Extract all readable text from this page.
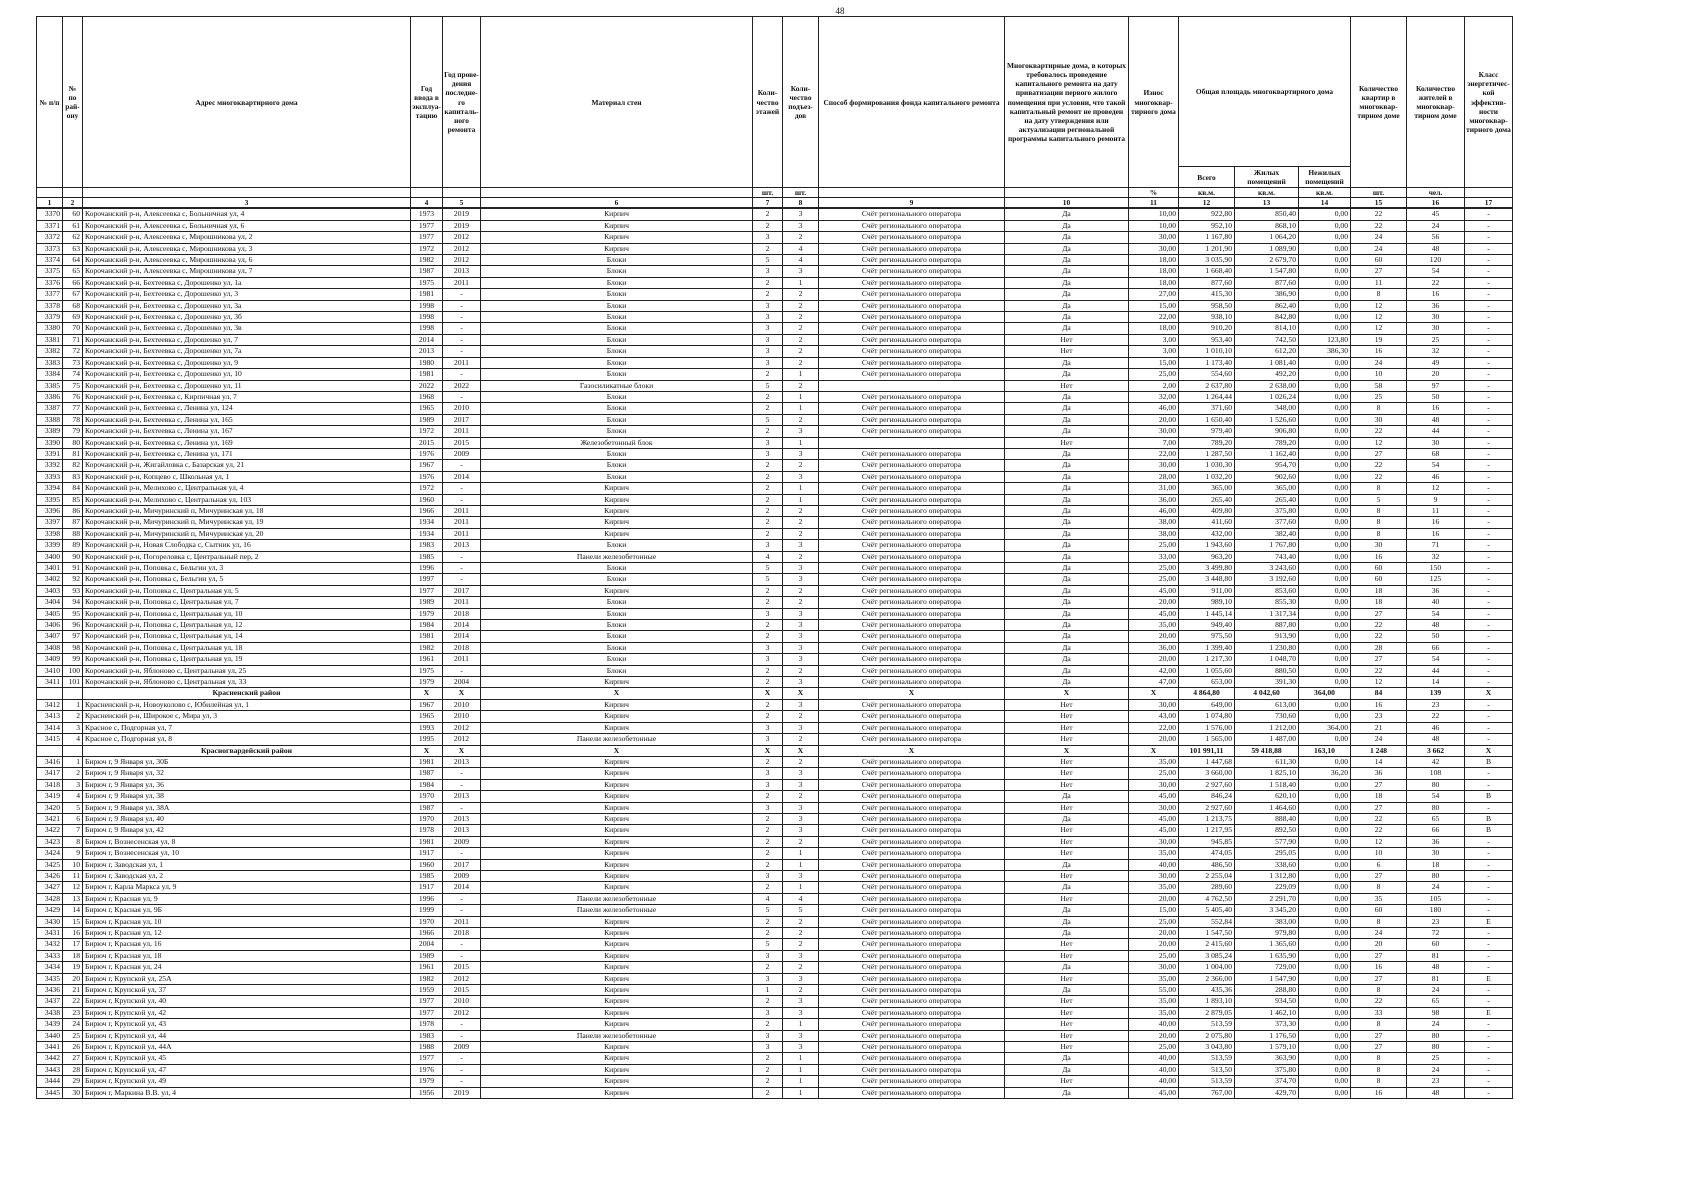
48
№ п/п	№ по рай-ону	Адрес многоквартирного дома	Год ввода в эксплуа-тацию	Год прове-дения последне-го капиталь-ного ремонта	Материал стен	Коли-чество этажей	Коли-чество подъез-дов	Способ формирования фонда капитального ремонта	Многоквартирные дома, в которых требовалось проведение капитального ремонта на дату приватизации первого жилого помещения при условии, что такой капитальный ремонт не проведен на дату утверждения или актуализации региональной программы капитального ремонта	Износ многоквар-тирного дома	Общая площадь многоквартирного дома			Количество квартир в многоквар-тирном доме	Количество жителей в многоквар-тирном доме	Класс энергетичес-кой эффектив-ности многоквар-тирного дома
											Всего	Жилых помещений	Нежилых помещений			
						шт.	шт.			%	кв.м.	кв.м.	кв.м.	шт.	чел.	
1	2	3	4	5	6	7	8	9	10	11	12	13	14	15	16	17
3370	60	Корочанский р-н, Алексеевка с, Больничная ул, 4	1973	2019	Кирпич	2	3	Счёт регионального оператора	Да	10,00	922,80	850,40	0,00	22	45	-
3371	61	Корочанский р-н, Алексеевка с, Больничная ул, 6	1977	2019	Кирпич	2	3	Счёт регионального оператора	Да	10,00	952,10	868,10	0,00	22	24	-
3372	62	Корочанский р-н, Алексеевка с, Мирошникова ул, 2	1977	2012	Кирпич	3	2	Счёт регионального оператора	Да	30,00	1 167,80	1 064,20	0,00	24	56	-
3373	63	Корочанский р-н, Алексеевка с, Мирошникова ул, 3	1972	2012	Кирпич	2	4	Счёт регионального оператора	Да	30,00	1 201,90	1 089,90	0,00	24	48	-
3374	64	Корочанский р-н, Алексеевка с, Мирошникова ул, 6	1982	2012	Блоки	5	4	Счёт регионального оператора	Да	18,00	3 035,90	2 679,70	0,00	60	120	-
3375	65	Корочанский р-н, Алексеевка с, Мирошникова ул, 7	1987	2013	Блоки	3	3	Счёт регионального оператора	Да	18,00	1 668,40	1 547,80	0,00	27	54	-
3376	66	Корочанский р-н, Бехтеевка с, Дорошенко ул, 1а	1975	2011	Блоки	2	1	Счёт регионального оператора	Да	18,00	877,60	877,60	0,00	11	22	-
3377	67	Корочанский р-н, Бехтеевка с, Дорошенко ул, 3	1981	-	Блоки	2	2	Счёт регионального оператора	Да	27,00	415,30	386,90	0,00	8	16	-
3378	68	Корочанский р-н, Бехтеевка с, Дорошенко ул, 3а	1998	-	Блоки	3	2	Счёт регионального оператора	Да	15,00	958,50	862,40	0,00	12	36	-
3379	69	Корочанский р-н, Бехтеевка с, Дорошенко ул, 3б	1998	-	Блоки	3	2	Счёт регионального оператора	Да	22,00	938,10	842,80	0,00	12	30	-
3380	70	Корочанский р-н, Бехтеевка с, Дорошенко ул, 3в	1998	-	Блоки	3	2	Счёт регионального оператора	Да	18,00	910,20	814,10	0,00	12	30	-
3381	71	Корочанский р-н, Бехтеевка с, Дорошенко ул, 7	2014	-	Блоки	3	2	Счёт регионального оператора	Нет	3,00	953,40	742,50	123,80	19	25	-
3382	72	Корочанский р-н, Бехтеевка с, Дорошенко ул, 7а	2013	-	Блоки	3	2	Счёт регионального оператора	Нет	3,00	1 010,10	612,20	386,30	16	32	-
3383	73	Корочанский р-н, Бехтеевка с, Дорошенко ул, 9	1980	2011	Блоки	3	2	Счёт регионального оператора	Да	15,00	1 173,40	1 081,40	0,00	24	49	-
3384	74	Корочанский р-н, Бехтеевка с, Дорошенко ул, 10	1981	-	Блоки	2	1	Счёт регионального оператора	Да	25,00	554,60	492,20	0,00	10	20	-
3385	75	Корочанский р-н, Бехтеевка с, Дорошенко ул, 11	2022	2022	Газосиликатные блоки	5	2		Нет	2,00	2 637,80	2 638,00	0,00	58	97	-
3386	76	Корочанский р-н, Бехтеевка с, Кирпичная ул, 7	1968	-	Блоки	2	1	Счёт регионального оператора	Да	32,00	1 264,44	1 026,24	0,00	25	50	-
3387	77	Корочанский р-н, Бехтеевка с, Ленина ул, 124	1965	2010	Блоки	2	1	Счёт регионального оператора	Да	46,00	371,60	348,00	0,00	8	16	-
3388	78	Корочанский р-н, Бехтеевка с, Ленина ул, 165	1989	2017	Блоки	5	2	Счёт регионального оператора	Да	20,00	1 650,40	1 526,60	0,00	30	48	-
3389	79	Корочанский р-н, Бехтеевка с, Ленина ул, 167	1972	2011	Блоки	2	3	Счёт регионального оператора	Да	30,00	979,40	906,80	0,00	22	44	-
3390	80	Корочанский р-н, Бехтеевка с, Ленина ул, 169	2015	2015	Железобетонный блок	3	1		Нет	7,00	789,20	789,20	0,00	12	30	-
3391	81	Корочанский р-н, Бехтеевка с, Ленина ул, 171	1976	2009	Блоки	3	3	Счёт регионального оператора	Да	22,00	1 287,50	1 162,40	0,00	27	68	-
3392	82	Корочанский р-н, Жигайловка с, Базарская ул, 21	1967	-	Блоки	2	2	Счёт регионального оператора	Да	30,00	1 030,30	954,70	0,00	22	54	-
3393	83	Корочанский р-н, Копцево с, Школьная ул, 1	1976	2014	Блоки	2	3	Счёт регионального оператора	Да	28,00	1 032,20	902,60	0,00	22	46	-
3394	84	Корочанский р-н, Мелихово с, Центральная ул, 4	1972	-	Кирпич	2	1	Счёт регионального оператора	Да	31,00	365,00	365,00	0,00	8	12	-
3395	85	Корочанский р-н, Мелихово с, Центральная ул, 103	1960	-	Кирпич	2	1	Счёт регионального оператора	Да	36,00	265,40	265,40	0,00	5	9	-
3396	86	Корочанский р-н, Мичуринский п, Мичуринская ул, 18	1966	2011	Кирпич	2	2	Счёт регионального оператора	Да	46,00	409,80	375,80	0,00	8	11	-
3397	87	Корочанский р-н, Мичуринский п, Мичуринская ул, 19	1934	2011	Кирпич	2	2	Счёт регионального оператора	Да	38,00	411,60	377,60	0,00	8	16	-
3398	88	Корочанский р-н, Мичуринский п, Мичуринская ул, 20	1934	2011	Кирпич	2	2	Счёт регионального оператора	Да	38,00	432,00	382,40	0,00	8	16	-
3399	89	Корочанский р-н, Новая Слободка с, Сытник ул, 16	1983	2013	Блоки	3	3	Счёт регионального оператора	Да	25,00	1 943,60	1 767,80	0,00	30	71	-
3400	90	Корочанский р-н, Погореловка с, Центральный пер, 2	1985	-	Панели железобетонные	4	2	Счёт регионального оператора	Да	33,00	963,20	743,40	0,00	16	32	-
3401	91	Корочанский р-н, Поповка с, Бельгин ул, 3	1996	-	Блоки	5	3	Счёт регионального оператора	Да	25,00	3 499,80	3 243,60	0,00	60	150	-
3402	92	Корочанский р-н, Поповка с, Бельгин ул, 5	1997	-	Блоки	5	3	Счёт регионального оператора	Да	25,00	3 448,80	3 192,60	0,00	60	125	-
3403	93	Корочанский р-н, Поповка с, Центральная ул, 5	1977	2017	Кирпич	2	2	Счёт регионального оператора	Да	45,00	911,00	853,60	0,00	18	36	-
3404	94	Корочанский р-н, Поповка с, Центральная ул, 7	1989	2011	Блоки	2	2	Счёт регионального оператора	Да	20,00	989,10	855,30	0,00	18	40	-
3405	95	Корочанский р-н, Поповка с, Центральная ул, 10	1979	2018	Блоки	3	3	Счёт регионального оператора	Да	45,00	1 445,14	1 317,34	0,00	27	54	-
3406	96	Корочанский р-н, Поповка с, Центральная ул, 12	1984	2014	Блоки	2	3	Счёт регионального оператора	Да	35,00	949,40	887,80	0,00	22	48	-
3407	97	Корочанский р-н, Поповка с, Центральная ул, 14	1981	2014	Блоки	2	3	Счёт регионального оператора	Да	20,00	975,50	913,90	0,00	22	50	-
3408	98	Корочанский р-н, Поповка с, Центральная ул, 18	1982	2018	Блоки	3	3	Счёт регионального оператора	Да	36,00	1 399,40	1 230,80	0,00	28	66	-
3409	99	Корочанский р-н, Поповка с, Центральная ул, 19	1961	2011	Блоки	3	3	Счёт регионального оператора	Да	20,00	1 217,30	1 048,70	0,00	27	54	-
3410	100	Корочанский р-н, Яблоново с, Центральная ул, 25	1975	-	Блоки	2	2	Счёт регионального оператора	Да	42,00	1 055,60	880,50	0,00	22	44	-
3411	101	Корочанский р-н, Яблоново с, Центральная ул, 33	1979	2004	Кирпич	2	3	Счёт регионального оператора	Да	47,00	653,00	391,30	0,00	12	14	-
		Красненский район	X	X	X	X	X	X	X	X	4 864,80	4 042,60	364,00	84	139	X
3412	1	Красненский р-н, Новоуколово с, Юбилейная ул, 1	1967	2010	Кирпич	2	3	Счёт регионального оператора	Нет	30,00	649,00	613,00	0,00	16	23	-
3413	2	Красненский р-н, Широкое с, Мира ул, 3	1965	2010	Кирпич	2	2	Счёт регионального оператора	Нет	43,00	1 074,80	730,60	0,00	23	22	-
3414	3	Красное с, Подгорная ул, 7	1993	2012	Кирпич	3	3	Счёт регионального оператора	Нет	22,00	1 576,00	1 212,00	364,00	21	46	-
3415	4	Красное с, Подгорная ул, 8	1995	2012	Панели железобетонные	3	2	Счёт регионального оператора	Нет	20,00	1 565,00	1 487,00	0,00	24	48	-
		Красногвардейский район	X	X	X	X	X	X	X	X	101 991,11	59 418,88	163,10	1 248	3 662	X
3416	1	Бирюч г, 9 Января ул, 30Б	1981	2013	Кирпич	2	2	Счёт регионального оператора	Нет	35,00	1 447,68	611,30	0,00	14	42	В
3417	2	Бирюч г, 9 Января ул, 32	1987	-	Кирпич	3	3	Счёт регионального оператора	Нет	25,00	3 660,00	1 825,10	36,20	36	108	-
3418	3	Бирюч г, 9 Января ул, 36	1984	-	Кирпич	3	3	Счёт регионального оператора	Нет	30,00	2 927,60	1 518,40	0,00	27	80	-
3419	4	Бирюч г, 9 Января ул, 38	1970	2013	Кирпич	2	2	Счёт регионального оператора	Да	45,00	846,24	620,10	0,00	18	54	В
3420	5	Бирюч г, 9 Января ул, 38А	1987	-	Кирпич	3	3	Счёт регионального оператора	Нет	30,00	2 927,60	1 464,60	0,00	27	80	-
3421	6	Бирюч г, 9 Января ул, 40	1970	2013	Кирпич	2	3	Счёт регионального оператора	Да	45,00	1 213,75	888,40	0,00	22	65	В
3422	7	Бирюч г, 9 Января ул, 42	1978	2013	Кирпич	2	3	Счёт регионального оператора	Нет	45,00	1 217,95	892,50	0,00	22	66	В
3423	8	Бирюч г, Вознесенская ул, 8	1981	2009	Кирпич	2	2	Счёт регионального оператора	Нет	30,00	945,85	577,90	0,00	12	36	-
3424	9	Бирюч г, Вознесенская ул, 10	1917	-	Кирпич	2	1	Счёт регионального оператора	Нет	35,00	474,05	295,05	0,00	10	30	-
3425	10	Бирюч г, Заводская ул, 1	1960	2017	Кирпич	2	1	Счёт регионального оператора	Да	40,00	486,50	338,60	0,00	6	18	-
3426	11	Бирюч г, Заводская ул, 2	1985	2009	Кирпич	3	3	Счёт регионального оператора	Нет	30,00	2 255,04	1 312,80	0,00	27	80	-
3427	12	Бирюч г, Карла Маркса ул, 9	1917	2014	Кирпич	2	1	Счёт регионального оператора	Да	35,00	289,60	229,09	0,00	8	24	-
3428	13	Бирюч г, Красная ул, 9	1996	-	Панели железобетонные	4	4	Счёт регионального оператора	Нет	20,00	4 762,50	2 291,70	0,00	35	105	-
3429	14	Бирюч г, Красная ул, 9Б	1999	-	Панели железобетонные	5	5	Счёт регионального оператора	Да	15,00	5 405,40	3 345,20	0,00	60	180	-
3430	15	Бирюч г, Красная ул, 10	1970	2011	Кирпич	2	2	Счёт регионального оператора	Да	25,00	552,84	383,00	0,00	8	23	Е
3431	16	Бирюч г, Красная ул, 12	1966	2018	Кирпич	2	2	Счёт регионального оператора	Да	20,00	1 547,50	979,80	0,00	24	72	-
3432	17	Бирюч г, Красная ул, 16	2004	-	Кирпич	5	2	Счёт регионального оператора	Нет	20,00	2 415,60	1 365,60	0,00	20	60	-
3433	18	Бирюч г, Красная ул, 18	1989	-	Кирпич	3	3	Счёт регионального оператора	Нет	25,00	3 085,24	1 635,90	0,00	27	81	-
3434	19	Бирюч г, Красная ул, 24	1961	2015	Кирпич	2	2	Счёт регионального оператора	Да	30,00	1 004,00	729,00	0,00	16	48	-
3435	20	Бирюч г, Крупской ул, 25А	1982	2012	Кирпич	3	3	Счёт регионального оператора	Нет	35,00	2 366,00	1 547,90	0,00	27	81	Е
3436	21	Бирюч г, Крупской ул, 37	1959	2015	Кирпич	1	2	Счёт регионального оператора	Да	55,00	435,36	288,80	0,00	8	24	-
3437	22	Бирюч г, Крупской ул, 40	1977	2010	Кирпич	2	3	Счёт регионального оператора	Нет	35,00	1 893,10	934,50	0,00	22	65	-
3438	23	Бирюч г, Крупской ул, 42	1977	2012	Кирпич	3	3	Счёт регионального оператора	Нет	35,00	2 879,05	1 462,10	0,00	33	98	Е
3439	24	Бирюч г, Крупской ул, 43	1978	-	Кирпич	2	1	Счёт регионального оператора	Нет	40,00	513,59	373,30	0,00	8	24	-
3440	25	Бирюч г, Крупской ул, 44	1983	-	Панели железобетонные	3	3	Счёт регионального оператора	Нет	20,00	2 075,80	1 176,50	0,00	27	80	-
3441	26	Бирюч г, Крупской ул, 44А	1988	2009	Кирпич	3	3	Счёт регионального оператора	Нет	25,00	3 043,80	1 579,10	0,00	27	80	-
3442	27	Бирюч г, Крупской ул, 45	1977	-	Кирпич	2	1	Счёт регионального оператора	Да	40,00	513,59	363,90	0,00	8	25	-
3443	28	Бирюч г, Крупской ул, 47	1976	-	Кирпич	2	1	Счёт регионального оператора	Да	40,00	513,50	375,80	0,00	8	24	-
3444	29	Бирюч г, Крупской ул, 49	1979	-	Кирпич	2	1	Счёт регионального оператора	Нет	40,00	513,59	374,70	0,00	8	23	-
3445	30	Бирюч г, Маркина В.В. ул, 4	1956	2019	Кирпич	2	1	Счёт регионального оператора	Да	45,00	767,00	429,70	0,00	16	48	-
